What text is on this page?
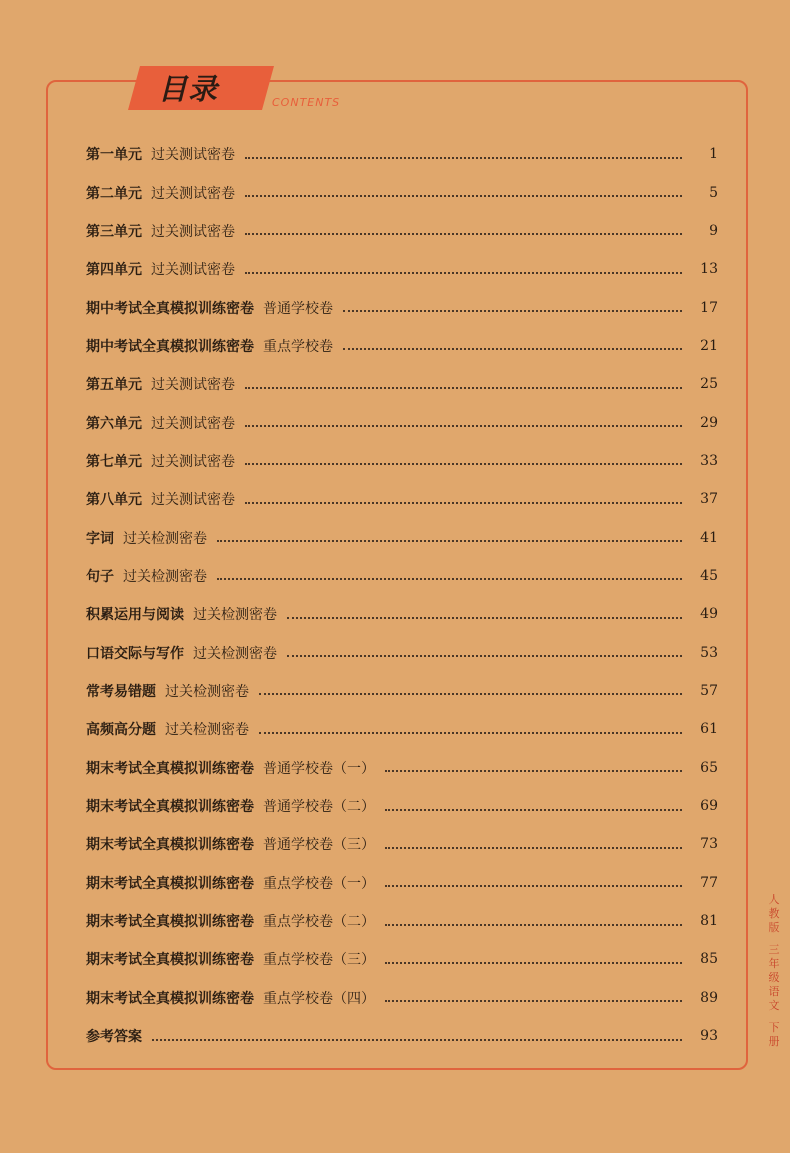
目录	CONTENTS
第一单元 过关测试密卷	1
第二单元 过关测试密卷	5
第三单元 过关测试密卷	9
第四单元 过关测试密卷	13
期中考试全真模拟训练密卷 普通学校卷	17
期中考试全真模拟训练密卷 重点学校卷	21
第五单元 过关测试密卷	25
第六单元 过关测试密卷	29
第七单元 过关测试密卷	33
第八单元 过关测试密卷	37
字词 过关检测密卷	41
句子 过关检测密卷	45
积累运用与阅读 过关检测密卷	49
口语交际与写作 过关检测密卷	53
常考易错题 过关检测密卷	57
高频高分题 过关检测密卷	61
期末考试全真模拟训练密卷 普通学校卷（一）	65
期末考试全真模拟训练密卷 普通学校卷（二）	69
期末考试全真模拟训练密卷 普通学校卷（三）	73
期末考试全真模拟训练密卷 重点学校卷（一）	77
期末考试全真模拟训练密卷 重点学校卷（二）	81
期末考试全真模拟训练密卷 重点学校卷（三）	85
期末考试全真模拟训练密卷 重点学校卷（四）	89
参考答案	93
人
教
版
三
年
级
语
文
下
册
